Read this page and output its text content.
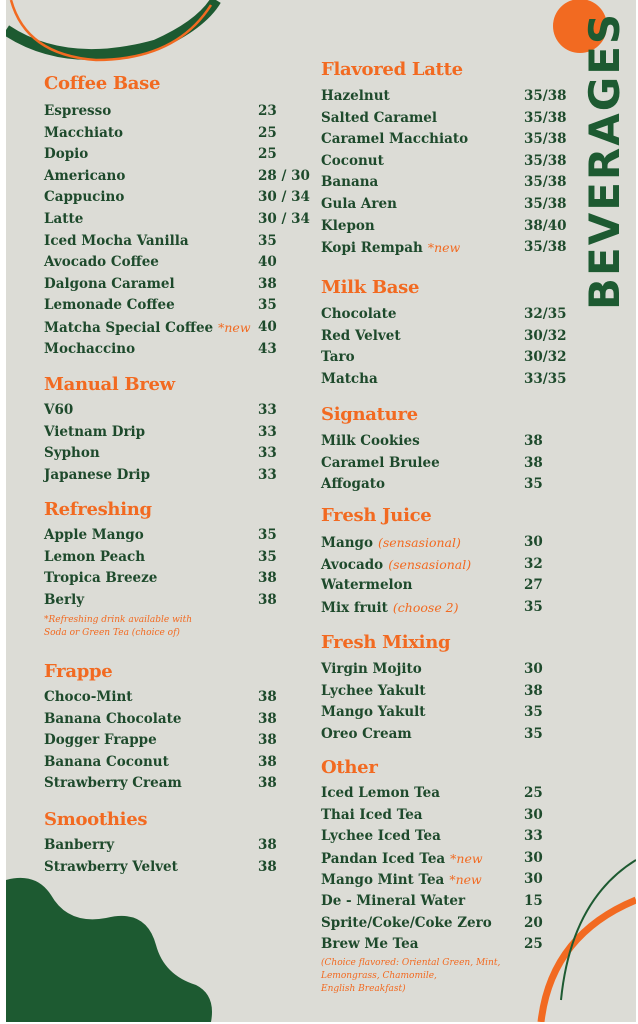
BEVERAGES
Coffee Base
Espresso	23
Macchiato	25
Dopio	25
Americano	28 / 30
Cappucino	30 / 34
Latte	30 / 34
Iced Mocha Vanilla	35
Avocado Coffee	40
Dalgona Caramel	38
Lemonade Coffee	35
Matcha Special Coffee *new 40
Mochaccino	43
Manual Brew
V60	33
Vietnam Drip	33
Syphon	33
Japanese Drip	33
Refreshing
Apple Mango	35
Lemon Peach	35
Tropica Breeze	38
Berly	38
*Refreshing drink available with
Soda or Green Tea (choice of)
Frappe
Choco-Mint	38
Banana Chocolate	38
Dogger Frappe	38
Banana Coconut	38
Strawberry Cream	38
Smoothies
Banberry	38
Strawberry Velvet	38
Flavored Latte
Hazelnut	35/38
Salted Caramel	35/38
Caramel Macchiato	35/38
Coconut	35/38
Banana	35/38
Gula Aren	35/38
Klepon	38/40
Kopi Rempah *new	35/38
Milk Base
Chocolate	32/35
Red Velvet	30/32
Taro	30/32
Matcha	33/35
Signature
Milk Cookies	38
Caramel Brulee	38
Affogato	35
Fresh Juice
Mango (sensasional)	30
Avocado (sensasional)	32
Watermelon	27
Mix fruit (choose 2)	35
Fresh Mixing
Virgin Mojito	30
Lychee Yakult	38
Mango Yakult	35
Oreo Cream	35
Other
Iced Lemon Tea	25
Thai Iced Tea	30
Lychee Iced Tea	33
Pandan Iced Tea *new	30
Mango Mint Tea *new	30
De - Mineral Water	15
Sprite/Coke/Coke Zero 20
Brew Me Tea	25
(Choice flavored: Oriental Green, Mint,
Lemongrass, Chamomile,
English Breakfast)
